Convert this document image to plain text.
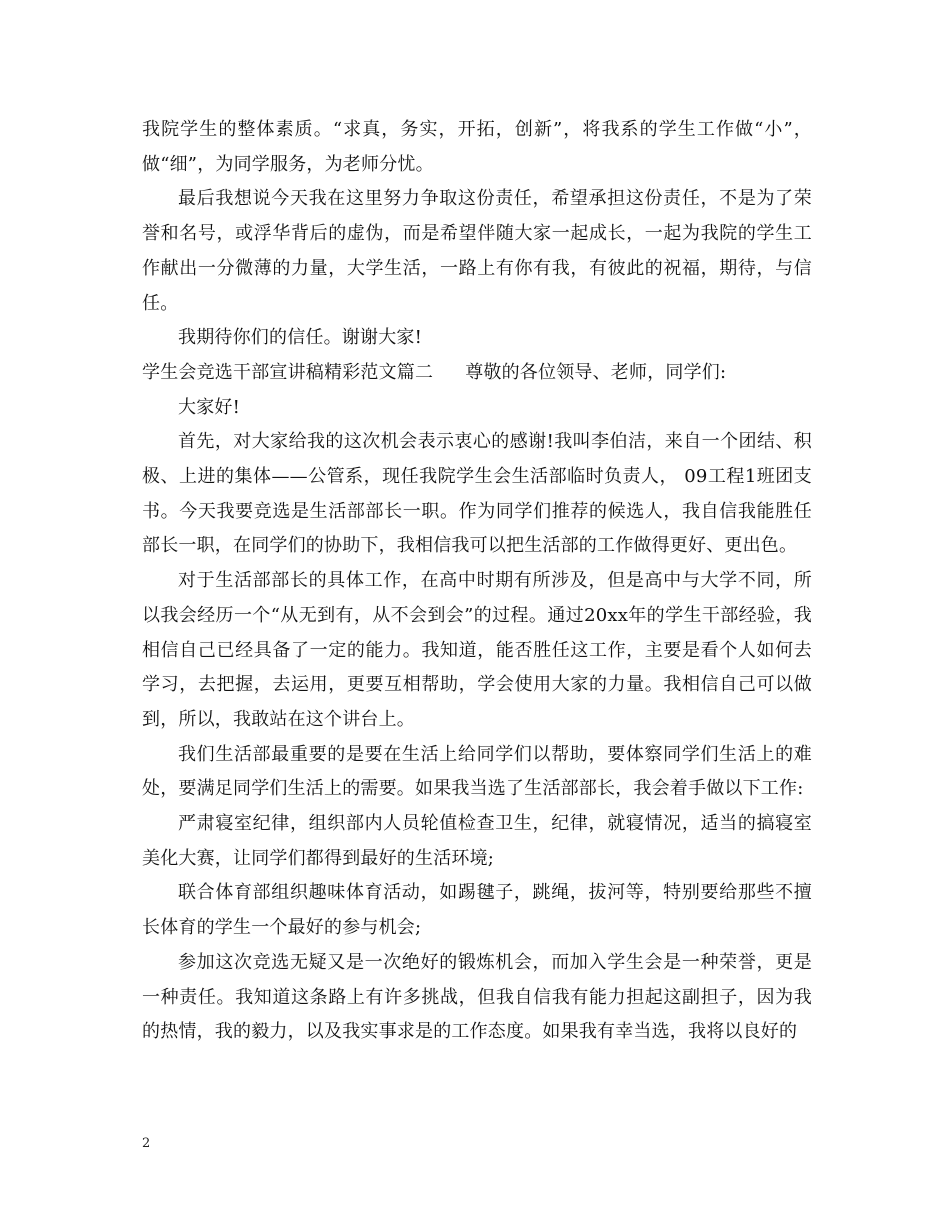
我院学生的整体素质。“求真，务实，开拓，创新”，将我系的学生工作做“小”，做“细”，为同学服务，为老师分忧。

最后我想说今天我在这里努力争取这份责任，希望承担这份责任，不是为了荣誉和名号，或浮华背后的虚伪，而是希望伴随大家一起成长，一起为我院的学生工作献出一分微薄的力量，大学生活，一路上有你有我，有彼此的祝福，期待，与信任。

我期待你们的信任。谢谢大家!

学生会竞选干部宣讲稿精彩范文篇二 尊敬的各位领导、老师，同学们:

大家好!

首先，对大家给我的这次机会表示衷心的感谢!我叫李伯洁，来自一个团结、积极、上进的集体——公管系，现任我院学生会生活部临时负责人， 09工程1班团支书。今天我要竞选是生活部部长一职。作为同学们推荐的候选人，我自信我能胜任部长一职，在同学们的协助下，我相信我可以把生活部的工作做得更好、更出色。

对于生活部部长的具体工作，在高中时期有所涉及，但是高中与大学不同，所以我会经历一个“从无到有，从不会到会”的过程。通过20xx年的学生干部经验，我相信自己已经具备了一定的能力。我知道，能否胜任这工作，主要是看个人如何去学习，去把握，去运用，更要互相帮助，学会使用大家的力量。我相信自己可以做到，所以，我敢站在这个讲台上。

我们生活部最重要的是要在生活上给同学们以帮助，要体察同学们生活上的难处，要满足同学们生活上的需要。如果我当选了生活部部长，我会着手做以下工作:

严肃寝室纪律，组织部内人员轮值检查卫生，纪律，就寝情况，适当的搞寝室美化大赛，让同学们都得到最好的生活环境;

联合体育部组织趣味体育活动，如踢毽子，跳绳，拔河等，特别要给那些不擅长体育的学生一个最好的参与机会;

参加这次竞选无疑又是一次绝好的锻炼机会，而加入学生会是一种荣誉，更是一种责任。我知道这条路上有许多挑战，但我自信我有能力担起这副担子，因为我的热情，我的毅力，以及我实事求是的工作态度。如果我有幸当选，我将以良好的

2
